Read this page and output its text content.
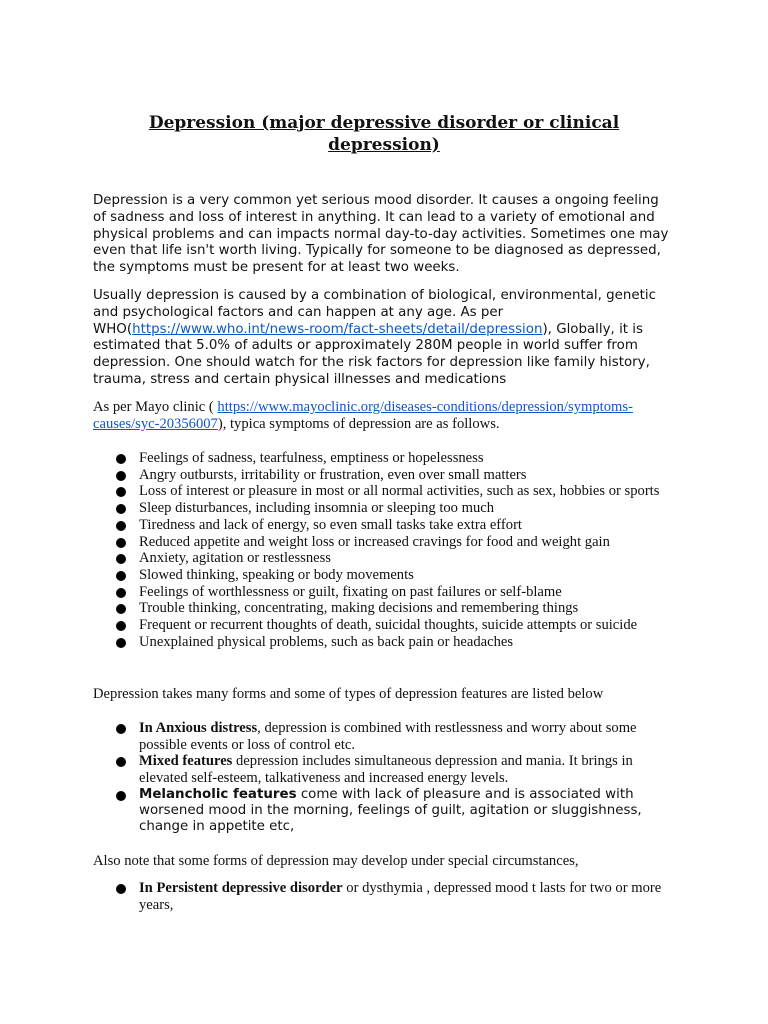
Depression (major depressive disorder or clinical depression)

Depression is a very common yet serious mood disorder. It causes a ongoing feeling of sadness and loss of interest in anything. It can lead to a variety of emotional and physical problems and can impacts normal day-to-day activities. Sometimes one may even that life isn't worth living. Typically for someone to be diagnosed as depressed, the symptoms must be present for at least two weeks.

Usually depression is caused by a combination of biological, environmental, genetic and psychological factors and can happen at any age. As per WHO(https://www.who.int/news-room/fact-sheets/detail/depression), Globally, it is estimated that 5.0% of adults or approximately 280M people in world suffer from depression. One should watch for the risk factors for depression like family history, trauma, stress and certain physical illnesses and medications

As per Mayo clinic ( https://www.mayoclinic.org/diseases-conditions/depression/symptoms-causes/syc-20356007), typica symptoms of depression are as follows.

Feelings of sadness, tearfulness, emptiness or hopelessness
Angry outbursts, irritability or frustration, even over small matters
Loss of interest or pleasure in most or all normal activities, such as sex, hobbies or sports
Sleep disturbances, including insomnia or sleeping too much
Tiredness and lack of energy, so even small tasks take extra effort
Reduced appetite and weight loss or increased cravings for food and weight gain
Anxiety, agitation or restlessness
Slowed thinking, speaking or body movements
Feelings of worthlessness or guilt, fixating on past failures or self-blame
Trouble thinking, concentrating, making decisions and remembering things
Frequent or recurrent thoughts of death, suicidal thoughts, suicide attempts or suicide
Unexplained physical problems, such as back pain or headaches

Depression takes many forms and some of types of depression features are listed below

In Anxious distress, depression is combined with restlessness and worry about some possible events or loss of control etc.
Mixed features depression includes simultaneous depression and mania. It brings in elevated self-esteem, talkativeness and increased energy levels.
Melancholic features come with lack of pleasure and is associated with worsened mood in the morning, feelings of guilt, agitation or sluggishness, change in appetite etc,

Also note that some forms of depression may develop under special circumstances,

In Persistent depressive disorder or dysthymia , depressed mood t lasts for two or more years,
